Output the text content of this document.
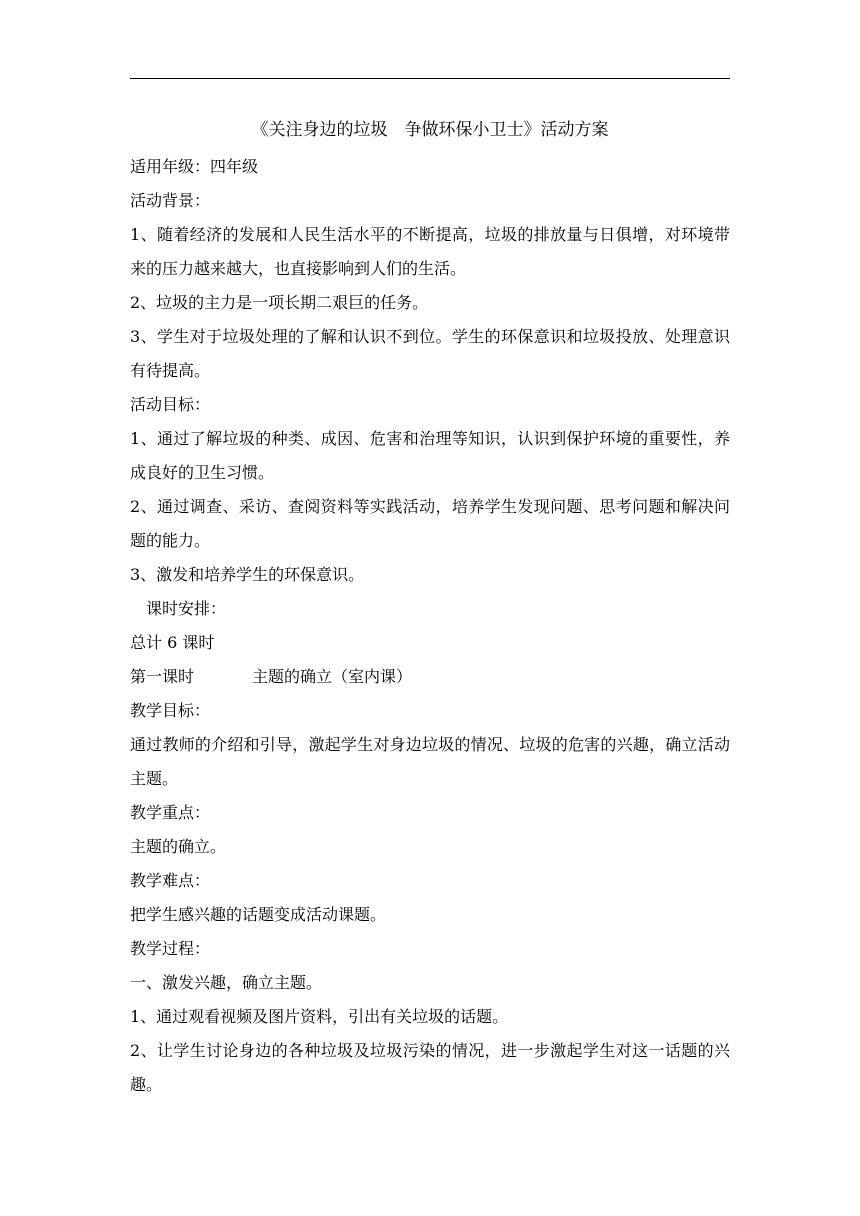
《关注身边的垃圾　争做环保小卫士》活动方案

适用年级：四年级

活动背景：

1、随着经济的发展和人民生活水平的不断提高，垃圾的排放量与日俱增，对环境带来的压力越来越大，也直接影响到人们的生活。

2、垃圾的主力是一项长期二艰巨的任务。

3、学生对于垃圾处理的了解和认识不到位。学生的环保意识和垃圾投放、处理意识有待提高。

活动目标：

1、通过了解垃圾的种类、成因、危害和治理等知识，认识到保护环境的重要性，养成良好的卫生习惯。

2、通过调查、采访、查阅资料等实践活动，培养学生发现问题、思考问题和解决问题的能力。

3、激发和培养学生的环保意识。

课时安排：

总计 6 课时

第一课时	主题的确立（室内课）

教学目标：

通过教师的介绍和引导，激起学生对身边垃圾的情况、垃圾的危害的兴趣，确立活动主题。

教学重点：

主题的确立。

教学难点：

把学生感兴趣的话题变成活动课题。

教学过程：

一、激发兴趣，确立主题。

1、通过观看视频及图片资料，引出有关垃圾的话题。

2、让学生讨论身边的各种垃圾及垃圾污染的情况，进一步激起学生对这一话题的兴趣。
